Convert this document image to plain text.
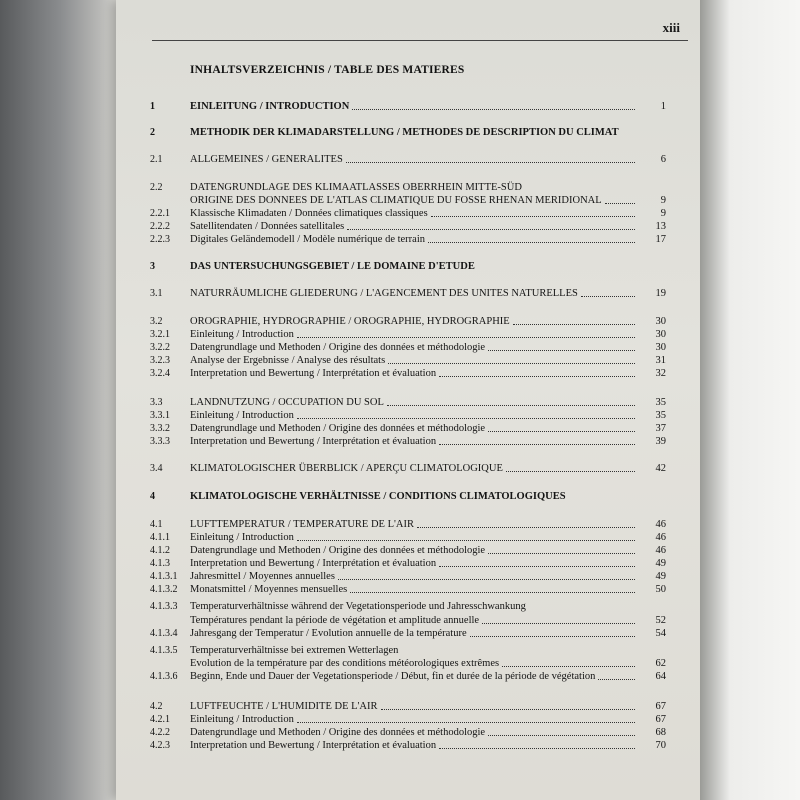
xiii
INHALTSVERZEICHNIS / TABLE DES MATIERES
1	EINLEITUNG / INTRODUCTION	1
2	METHODIK DER KLIMADARSTELLUNG / METHODES DE DESCRIPTION DU CLIMAT
2.1	ALLGEMEINES / GENERALITES	6
2.2	DATENGRUNDLAGE DES KLIMAATLASSES OBERRHEIN MITTE-SÜD
ORIGINE DES DONNEES DE L'ATLAS CLIMATIQUE DU FOSSE RHENAN MERIDIONAL	9
2.2.1 Klassische Klimadaten / Données climatiques classiques	9
2.2.2 Satellitendaten / Données satellitales	13
2.2.3 Digitales Geländemodell / Modèle numérique de terrain	17
3	DAS UNTERSUCHUNGSGEBIET / LE DOMAINE D'ETUDE
3.1	NATURRÄUMLICHE GLIEDERUNG / L'AGENCEMENT DES UNITES NATURELLES	19
3.2	OROGRAPHIE, HYDROGRAPHIE / OROGRAPHIE, HYDROGRAPHIE	30
3.2.1 Einleitung / Introduction	30
3.2.2 Datengrundlage und Methoden / Origine des données et méthodologie	30
3.2.3 Analyse der Ergebnisse / Analyse des résultats	31
3.2.4 Interpretation und Bewertung / Interprétation et évaluation	32
3.3	LANDNUTZUNG / OCCUPATION DU SOL	35
3.3.1 Einleitung / Introduction	35
3.3.2 Datengrundlage und Methoden / Origine des données et méthodologie	37
3.3.3 Interpretation und Bewertung / Interprétation et évaluation	39
3.4	KLIMATOLOGISCHER ÜBERBLICK / APERÇU CLIMATOLOGIQUE	42
4	KLIMATOLOGISCHE VERHÄLTNISSE / CONDITIONS CLIMATOLOGIQUES
4.1	LUFTTEMPERATUR / TEMPERATURE DE L'AIR	46
4.1.1 Einleitung / Introduction	46
4.1.2 Datengrundlage und Methoden / Origine des données et méthodologie	46
4.1.3 Interpretation und Bewertung / Interprétation et évaluation	49
4.1.3.1 Jahresmittel / Moyennes annuelles	49
4.1.3.2 Monatsmittel / Moyennes mensuelles	50
4.1.3.3 Temperaturverhältnisse während der Vegetationsperiode und Jahresschwankung
Températures pendant la période de végétation et amplitude annuelle	52
4.1.3.4 Jahresgang der Temperatur / Evolution annuelle de la température	54
4.1.3.5 Temperaturverhältnisse bei extremen Wetterlagen
Evolution de la température par des conditions météorologiques extrêmes	62
4.1.3.6 Beginn, Ende und Dauer der Vegetationsperiode / Début, fin et durée de la période de végétation	64
4.2	LUFTFEUCHTE / L'HUMIDITE DE L'AIR	67
4.2.1 Einleitung / Introduction	67
4.2.2 Datengrundlage und Methoden / Origine des données et méthodologie	68
4.2.3 Interpretation und Bewertung / Interprétation et évaluation	70
